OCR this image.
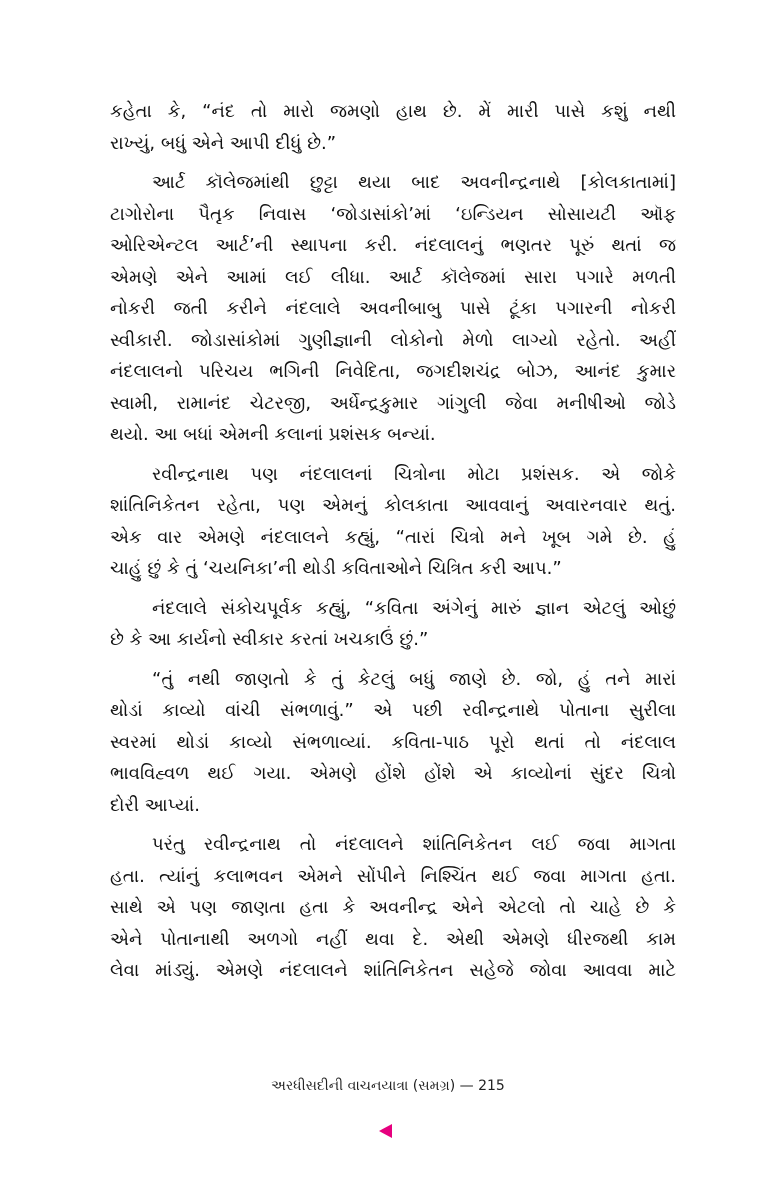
કહેતા કે, “નંદ તો મારો જમણો હાથ છે. મેં મારી પાસે કશું નથી
રાખ્યું, બધું એને આપી દીધું છે.”
આર્ટ કૉલેજમાંથી છુટ્ટા થયા બાદ અવનીન્દ્રનાથે [કોલકાતામાં]
ટાગોરોના પૈતૃક નિવાસ ‘જોડાસાંકો’માં ‘ઇન્ડિયન સોસાયટી ઑફ
ઓરિએન્ટલ આર્ટ’ની સ્થાપના કરી. નંદલાલનું ભણતર પૂરું થતાં જ
એમણે એને આમાં લઈ લીધા. આર્ટ કૉલેજમાં સારા પગારે મળતી
નોકરી જતી કરીને નંદલાલે અવનીબાબુ પાસે ટૂંકા પગારની નોકરી
સ્વીકારી. જોડાસાંકોમાં ગુણીજ્ઞાની લોકોનો મેળો લાગ્યો રહેતો. અહીં
નંદલાલનો પરિચય ભગિની નિવેદિતા, જગદીશચંદ્ર બોઝ, આનંદ કુમાર
સ્વામી, રામાનંદ ચેટરજી, અર્ધેન્દ્રકુમાર ગાંગુલી જેવા મનીષીઓ જોડે
થયો. આ બધાં એમની કલાનાં પ્રશંસક બન્યાં.
રવીન્દ્રનાથ પણ નંદલાલનાં ચિત્રોના મોટા પ્રશંસક. એ જોકે
શાંતિનિકેતન રહેતા, પણ એમનું કોલકાતા આવવાનું અવારનવાર થતું.
એક વાર એમણે નંદલાલને કહ્યું, “તારાં ચિત્રો મને ખૂબ ગમે છે. હું
ચાહું છું કે તું ‘ચયનિકા’ની થોડી કવિતાઓને ચિત્રિત કરી આપ.”
નંદલાલે સંકોચપૂર્વક કહ્યું, “કવિતા અંગેનું મારું જ્ઞાન એટલું ઓછું
છે કે આ કાર્યનો સ્વીકાર કરતાં ખચકાઉં છું.”
“તું નથી જાણતો કે તું કેટલું બધું જાણે છે. જો, હું તને મારાં
થોડાં કાવ્યો વાંચી સંભળાવું.” એ પછી રવીન્દ્રનાથે પોતાના સુરીલા
સ્વરમાં થોડાં કાવ્યો સંભળાવ્યાં. કવિતા-પાઠ પૂરો થતાં તો નંદલાલ
ભાવવિહ્વળ થઈ ગયા. એમણે હોંશે હોંશે એ કાવ્યોનાં સુંદર ચિત્રો
દોરી આપ્યાં.
પરંતુ રવીન્દ્રનાથ તો નંદલાલને શાંતિનિકેતન લઈ જવા માગતા
હતા. ત્યાંનું કલાભવન એમને સોંપીને નિશ્ચિંત થઈ જવા માગતા હતા.
સાથે એ પણ જાણતા હતા કે અવનીન્દ્ર એને એટલો તો ચાહે છે કે
એને પોતાનાથી અળગો નહીં થવા દે. એથી એમણે ધીરજથી કામ
લેવા માંડ્યું. એમણે નંદલાલને શાંતિનિકેતન સહેજે જોવા આવવા માટે
અરધીસદીની વાચનયાત્રા (સમગ્ર) — 215
